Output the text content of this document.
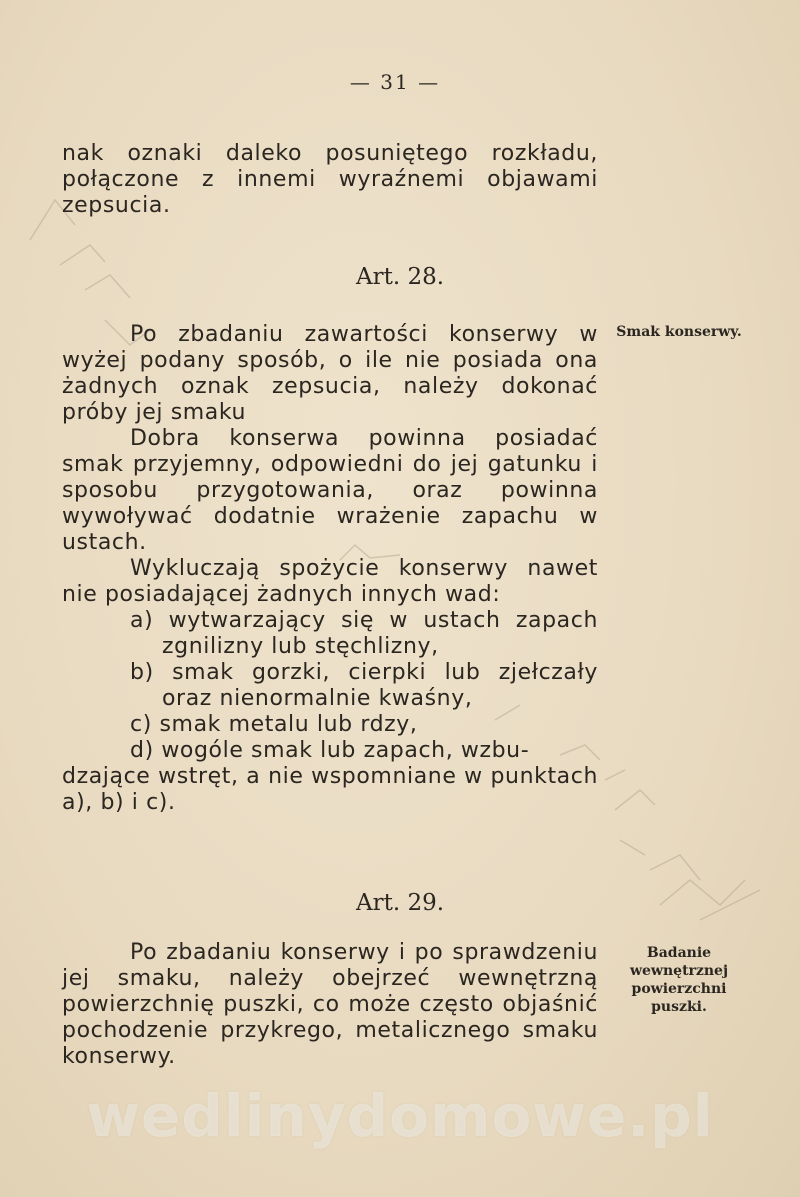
— 31 —

nak oznaki daleko posuniętego rozkładu, połączone z innemi wyraźnemi objawami zepsucia.

Art. 28.
Smak konserwy.

Po zbadaniu zawartości konserwy w wyżej podany sposób, o ile nie posiada ona żadnych oznak zepsucia, należy dokonać próby jej smaku

Dobra konserwa powinna posiadać smak przyjemny, odpowiedni do jej gatunku i sposobu przygotowania, oraz powinna wywoływać dodatnie wrażenie zapachu w ustach.

Wykluczają spożycie konserwy nawet nie posiadającej żadnych innych wad:

a) wytwarzający się w ustach zapach zgnilizny lub stęchlizny,

b) smak gorzki, cierpki lub zjełczały oraz nienormalnie kwaśny,

c) smak metalu lub rdzy,

d) wogóle smak lub zapach, wzbu-

dzające wstręt, a nie wspomniane w punktach a), b) i c).

Art. 29.
Badanie wewnętrznej powierzchni puszki.

Po zbadaniu konserwy i po sprawdzeniu jej smaku, należy obejrzeć wewnętrzną powierzchnię puszki, co może często objaśnić pochodzenie przykrego, metalicznego smaku konserwy.

wedlinydomowe.pl
